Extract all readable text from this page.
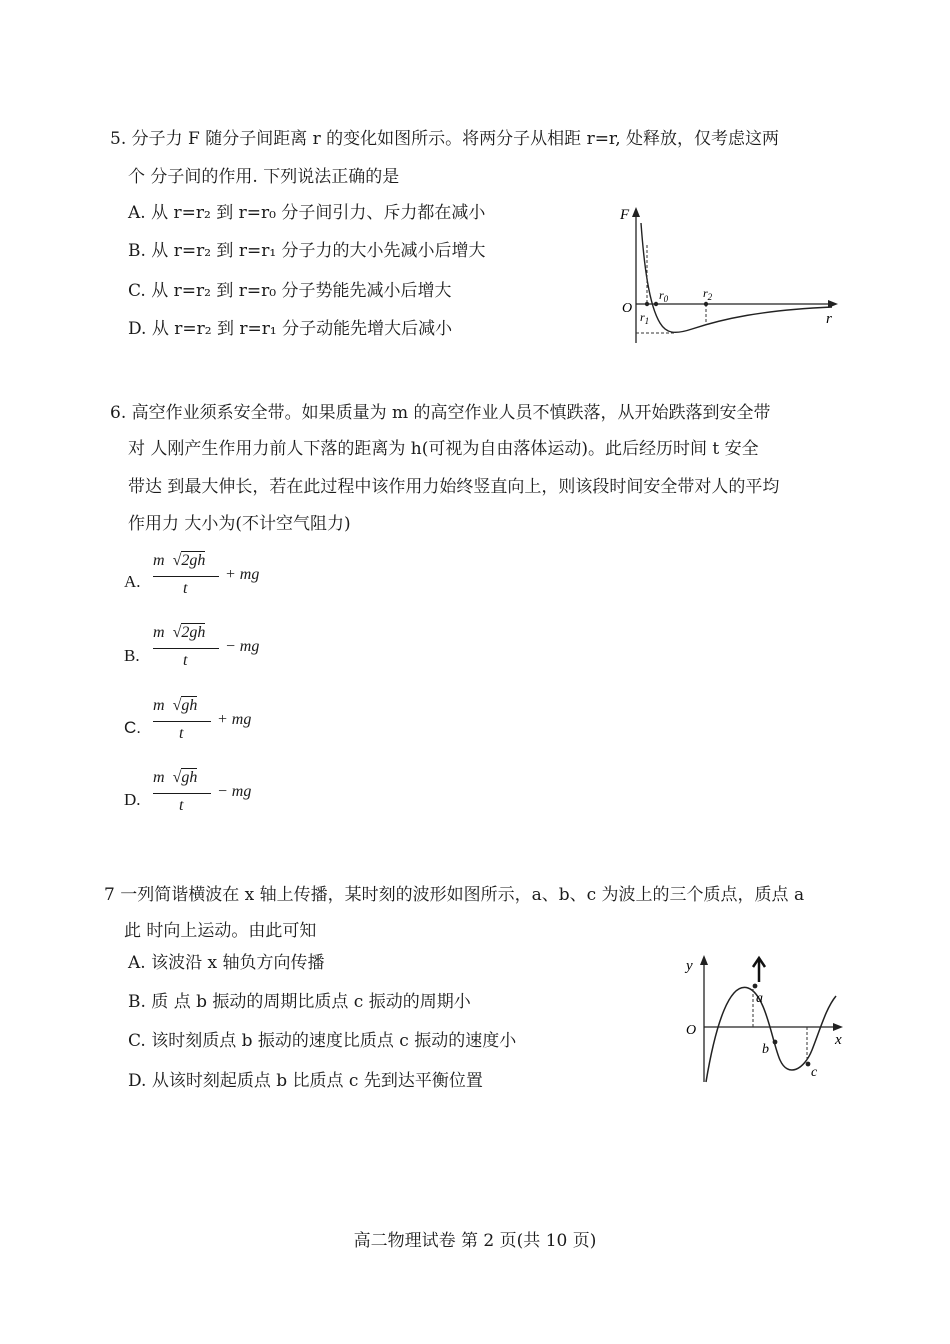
5. 分子力 F 随分子间距离 r 的变化如图所示。将两分子从相距 r=r, 处释放，仅考虑这两
个 分子间的作用. 下列说法正确的是
A. 从 r=r₂ 到 r=r₀ 分子间引力、斥力都在减小
B. 从 r=r₂ 到 r=r₁ 分子力的大小先减小后增大
C. 从 r=r₂ 到 r=r₀ 分子势能先减小后增大
D. 从 r=r₂ 到 r=r₁ 分子动能先增大后减小
F
r
O
$r_1$
$r_0$	$r_2$
6. 高空作业须系安全带。如果质量为 m 的高空作业人员不慎跌落，从开始跌落到安全带
对 人刚产生作用力前人下落的距离为 h(可视为自由落体运动)。此后经历时间 t 安全
带达 到最大伸长，若在此过程中该作用力始终竖直向上，则该段时间安全带对人的平均
作用力 大小为(不计空气阻力)
A.
m √2gh
t
+ mg
B.
m √2gh
t
− mg
C.
m √gh
t
+ mg
D.
m √gh
t
− mg
7 一列简谐横波在 x 轴上传播，某时刻的波形如图所示，a、b、c 为波上的三个质点，质点 a
此 时向上运动。由此可知
A. 该波沿 x 轴负方向传播
B. 质 点 b 振动的周期比质点 c 振动的周期小
C. 该时刻质点 b 振动的速度比质点 c 振动的速度小
D. 从该时刻起质点 b 比质点 c 先到达平衡位置
y
x
O
a
b
c
高二物理试卷 第 2 页(共 10 页)
